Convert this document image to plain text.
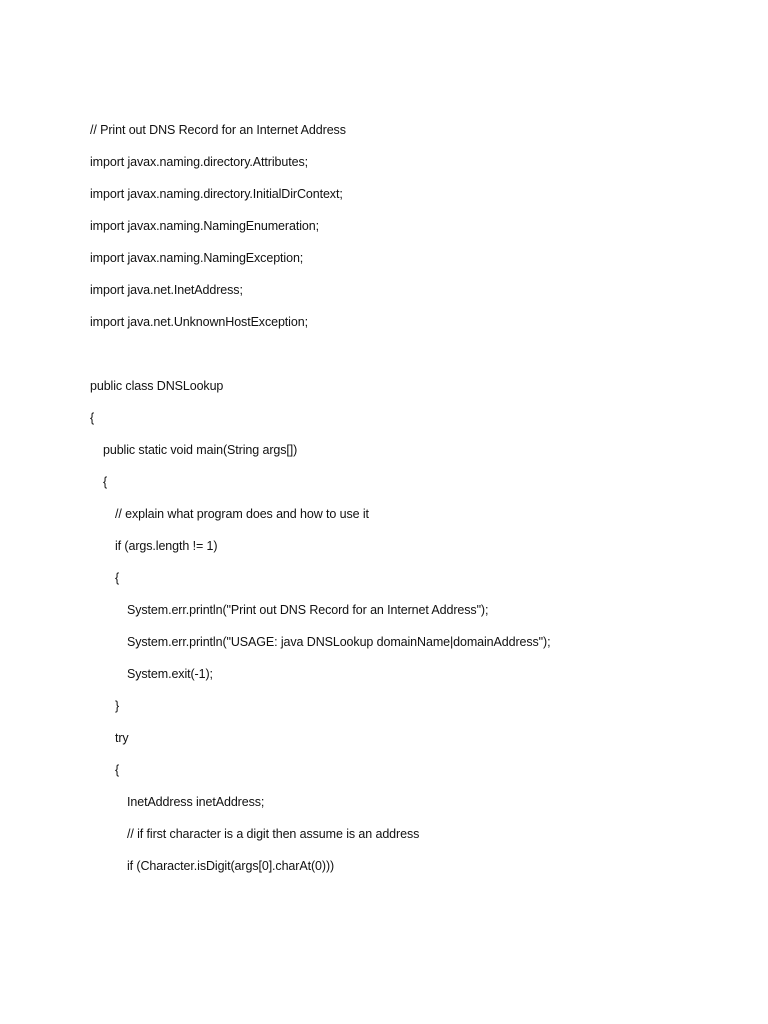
// Print out DNS Record for an Internet Address
import javax.naming.directory.Attributes;
import javax.naming.directory.InitialDirContext;
import javax.naming.NamingEnumeration;
import javax.naming.NamingException;
import java.net.InetAddress;
import java.net.UnknownHostException;
public class DNSLookup
{
public static void main(String args[])
{
// explain what program does and how to use it
if (args.length != 1)
{
System.err.println("Print out DNS Record for an Internet Address");
System.err.println("USAGE: java DNSLookup domainName|domainAddress");
System.exit(-1);
}
try
{
InetAddress inetAddress;
// if first character is a digit then assume is an address
if (Character.isDigit(args[0].charAt(0)))
